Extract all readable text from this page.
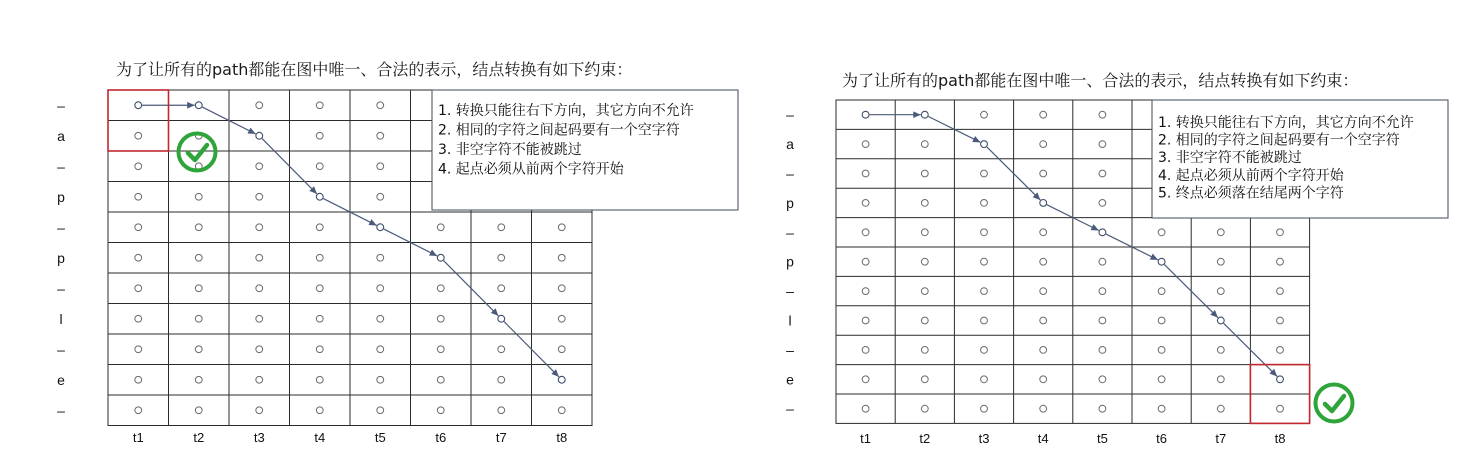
为了让所有的path都能在图中唯一、合法的表示，结点转换有如下约束：
–
a
–
p
–
p
–
l
–
e
–
t1	t2	t3	t4	t5	t6	t7	t8
1. 转换只能往右下方向，其它方向不允许
2. 相同的字符之间起码要有一个空字符
3. 非空字符不能被跳过
4. 起点必须从前两个字符开始
为了让所有的path都能在图中唯一、合法的表示，结点转换有如下约束：
–
a
–
p
–
p
–
l
–
e
–
t1	t2	t3	t4	t5	t6	t7	t8
1. 转换只能往右下方向，其它方向不允许
2. 相同的字符之间起码要有一个空字符
3. 非空字符不能被跳过
4. 起点必须从前两个字符开始
5. 终点必须落在结尾两个字符
